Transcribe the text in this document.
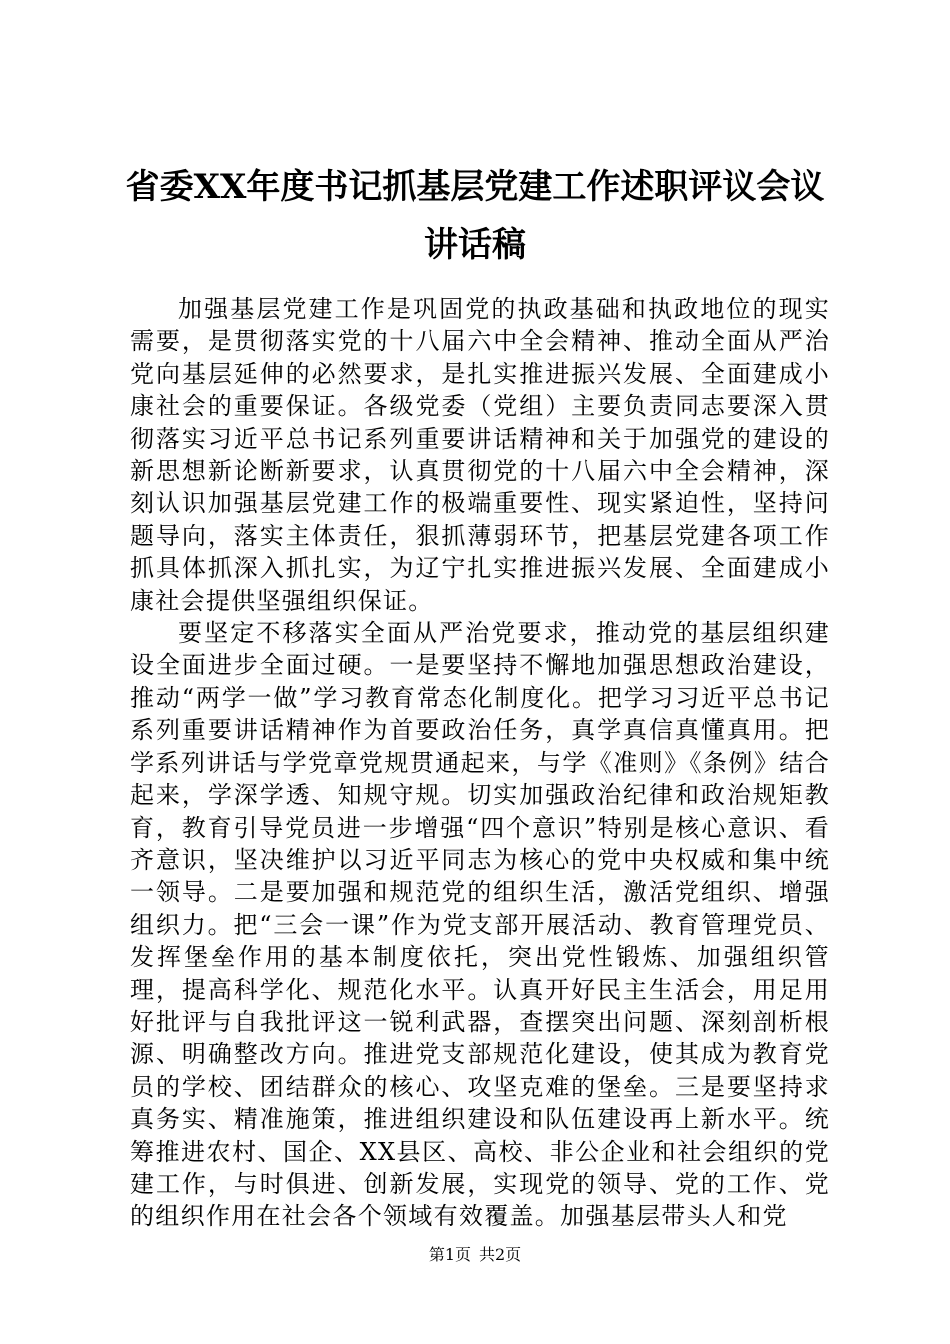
省委XX年度书记抓基层党建工作述职评议会议讲话稿

加强基层党建工作是巩固党的执政基础和执政地位的现实需要，是贯彻落实党的十八届六中全会精神、推动全面从严治党向基层延伸的必然要求，是扎实推进振兴发展、全面建成小康社会的重要保证。各级党委（党组）主要负责同志要深入贯彻落实习近平总书记系列重要讲话精神和关于加强党的建设的新思想新论断新要求，认真贯彻党的十八届六中全会精神，深刻认识加强基层党建工作的极端重要性、现实紧迫性，坚持问题导向，落实主体责任，狠抓薄弱环节，把基层党建各项工作抓具体抓深入抓扎实，为辽宁扎实推进振兴发展、全面建成小康社会提供坚强组织保证。

要坚定不移落实全面从严治党要求，推动党的基层组织建设全面进步全面过硬。一是要坚持不懈地加强思想政治建设，推动“两学一做”学习教育常态化制度化。把学习习近平总书记系列重要讲话精神作为首要政治任务，真学真信真懂真用。把学系列讲话与学党章党规贯通起来，与学《准则》《条例》结合起来，学深学透、知规守规。切实加强政治纪律和政治规矩教育，教育引导党员进一步增强“四个意识”特别是核心意识、看齐意识，坚决维护以习近平同志为核心的党中央权威和集中统一领导。二是要加强和规范党的组织生活，激活党组织、增强组织力。把“三会一课”作为党支部开展活动、教育管理党员、发挥堡垒作用的基本制度依托，突出党性锻炼、加强组织管理，提高科学化、规范化水平。认真开好民主生活会，用足用好批评与自我批评这一锐利武器，查摆突出问题、深刻剖析根源、明确整改方向。推进党支部规范化建设，使其成为教育党员的学校、团结群众的核心、攻坚克难的堡垒。三是要坚持求真务实、精准施策，推进组织建设和队伍建设再上新水平。统筹推进农村、国企、XX县区、高校、非公企业和社会组织的党建工作，与时俱进、创新发展，实现党的领导、党的工作、党的组织作用在社会各个领域有效覆盖。加强基层带头人和党

第1页 共2页
